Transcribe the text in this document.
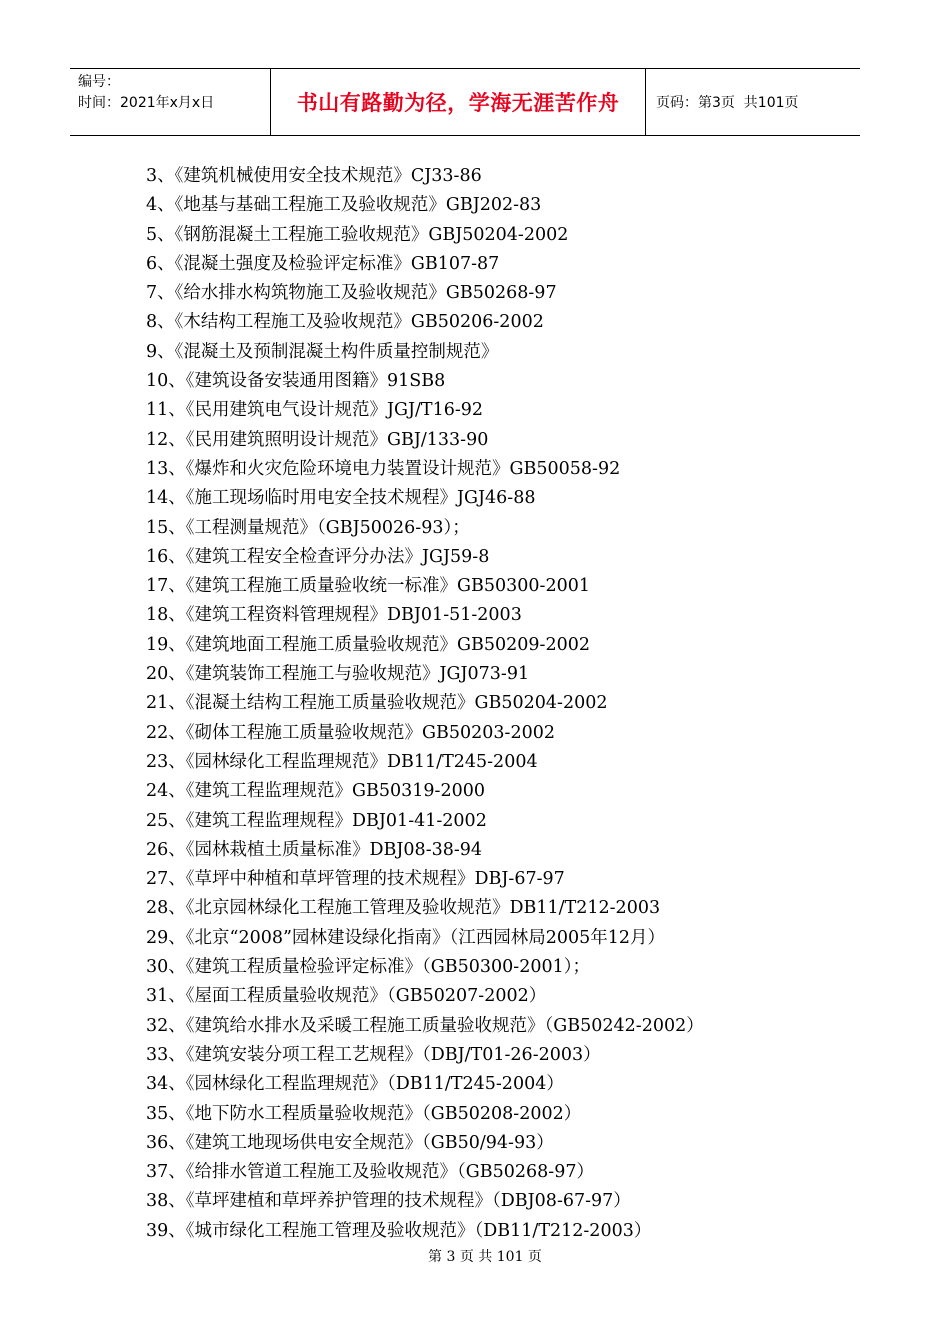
编号：
时间：2021年x月x日	书山有路勤为径，学海无涯苦作舟	页码：第3页  共101页
3、《建筑机械使用安全技术规范》CJ33-86
4、《地基与基础工程施工及验收规范》GBJ202-83
5、《钢筋混凝土工程施工验收规范》GBJ50204-2002
6、《混凝土强度及检验评定标准》GB107-87
7、《给水排水构筑物施工及验收规范》GB50268-97
8、《木结构工程施工及验收规范》GB50206-2002
9、《混凝土及预制混凝土构件质量控制规范》
10、《建筑设备安装通用图籍》91SB8
11、《民用建筑电气设计规范》JGJ/T16-92
12、《民用建筑照明设计规范》GBJ/133-90
13、《爆炸和火灾危险环境电力装置设计规范》GB50058-92
14、《施工现场临时用电安全技术规程》JGJ46-88
15、《工程测量规范》（GBJ50026-93）；
16、《建筑工程安全检查评分办法》JGJ59-8
17、《建筑工程施工质量验收统一标准》GB50300-2001
18、《建筑工程资料管理规程》DBJ01-51-2003
19、《建筑地面工程施工质量验收规范》GB50209-2002
20、《建筑装饰工程施工与验收规范》JGJ073-91
21、《混凝土结构工程施工质量验收规范》GB50204-2002
22、《砌体工程施工质量验收规范》GB50203-2002
23、《园林绿化工程监理规范》DB11/T245-2004
24、《建筑工程监理规范》GB50319-2000
25、《建筑工程监理规程》DBJ01-41-2002
26、《园林栽植土质量标准》DBJ08-38-94
27、《草坪中种植和草坪管理的技术规程》DBJ-67-97
28、《北京园林绿化工程施工管理及验收规范》DB11/T212-2003
29、《北京“2008”园林建设绿化指南》（江西园林局2005年12月）
30、《建筑工程质量检验评定标准》（GB50300-2001）；
31、《屋面工程质量验收规范》（GB50207-2002）
32、《建筑给水排水及采暖工程施工质量验收规范》（GB50242-2002）
33、《建筑安装分项工程工艺规程》（DBJ/T01-26-2003）
34、《园林绿化工程监理规范》（DB11/T245-2004）
35、《地下防水工程质量验收规范》（GB50208-2002）
36、《建筑工地现场供电安全规范》（GB50/94-93）
37、《给排水管道工程施工及验收规范》（GB50268-97）
38、《草坪建植和草坪养护管理的技术规程》（DBJ08-67-97）
39、《城市绿化工程施工管理及验收规范》（DB11/T212-2003）
第 3 页 共 101 页
